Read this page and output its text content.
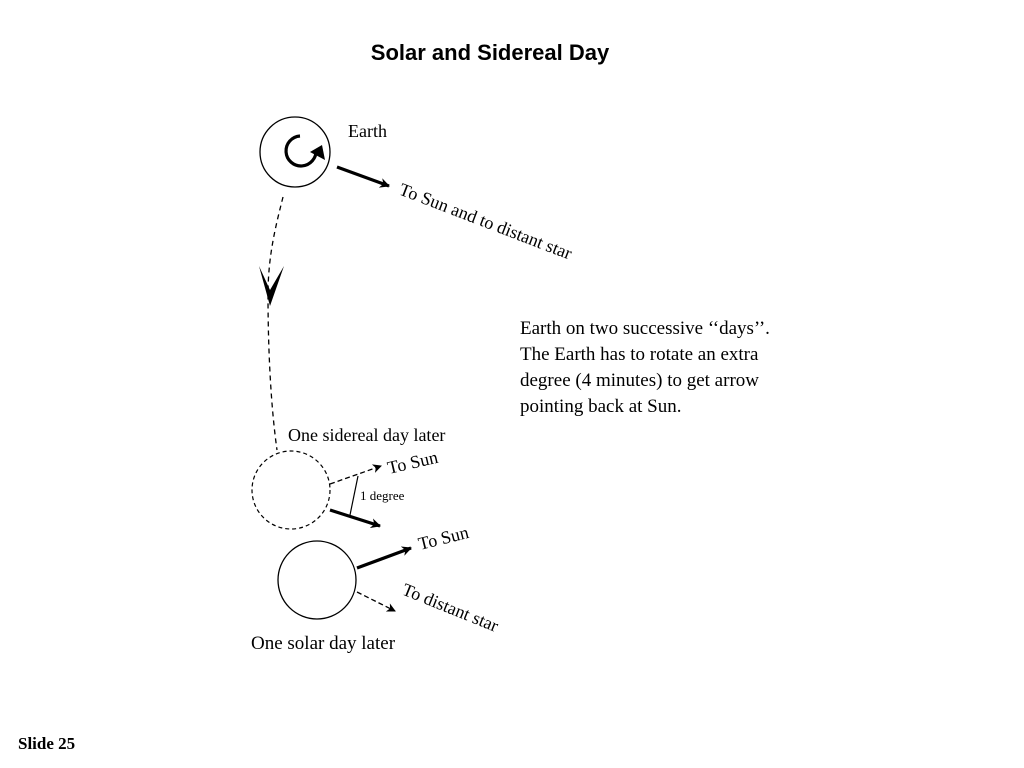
Solar and Sidereal Day
Earth
To Sun and to distant star
Earth on two successive ‘‘days’’.
The Earth has to rotate an extra
degree (4 minutes) to get arrow
pointing back at Sun.
One sidereal day later
To Sun
1 degree
To Sun
To distant star
One solar day later
Slide 25
